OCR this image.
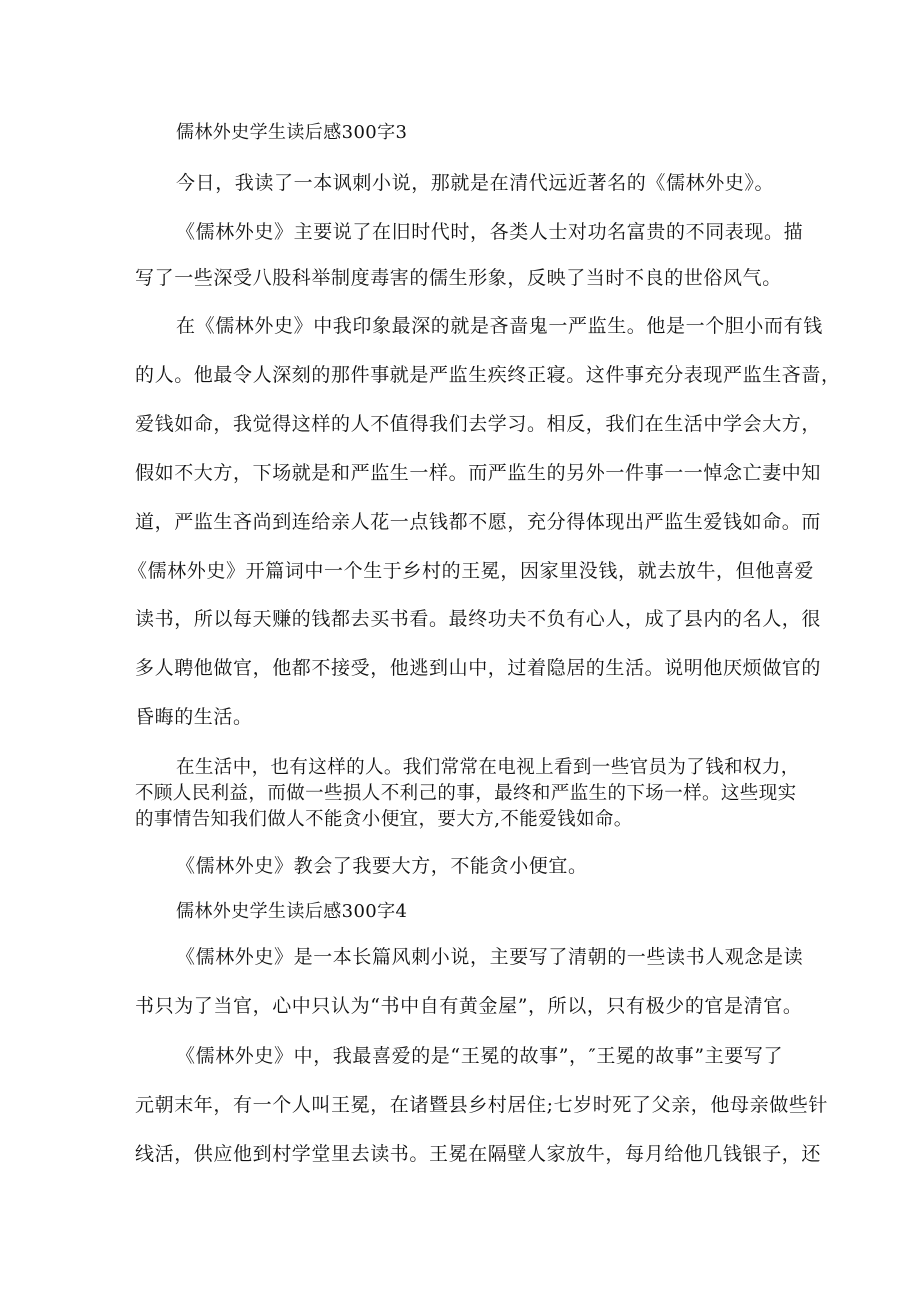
儒林外史学生读后感300字3
今日，我读了一本讽刺小说，那就是在清代远近著名的《儒林外史》。
《儒林外史》主要说了在旧时代时，各类人士对功名富贵的不同表现。描
写了一些深受八股科举制度毒害的儒生形象，反映了当时不良的世俗风气。
在《儒林外史》中我印象最深的就是吝啬鬼一严监生。他是一个胆小而有钱
的人。他最令人深刻的那件事就是严监生疾终正寝。这件事充分表现严监生吝啬，
爱钱如命，我觉得这样的人不值得我们去学习。相反，我们在生活中学会大方，
假如不大方，下场就是和严监生一样。而严监生的另外一件事一一悼念亡妻中知
道，严监生吝尚到连给亲人花一点钱都不愿，充分得体现出严监生爱钱如命。而
《儒林外史》开篇词中一个生于乡村的王冕，因家里没钱，就去放牛，但他喜爱
读书，所以每天赚的钱都去买书看。最终功夫不负有心人，成了县内的名人，很
多人聘他做官，他都不接受，他逃到山中，过着隐居的生活。说明他厌烦做官的
昏晦的生活。
在生活中，也有这样的人。我们常常在电视上看到一些官员为了钱和权力，
不顾人民利益，而做一些损人不利己的事，最终和严监生的下场一样。这些现实
的事情告知我们做人不能贪小便宜，要大方,不能爱钱如命。
《儒林外史》教会了我要大方，不能贪小便宜。
儒林外史学生读后感300字4
《儒林外史》是一本长篇风刺小说，主要写了清朝的一些读书人观念是读
书只为了当官，心中只认为“书中自有黄金屋”，所以，只有极少的官是清官。
《儒林外史》中，我最喜爱的是“王冕的故事”，″王冕的故事”主要写了
元朝末年，有一个人叫王冕，在诸暨县乡村居住;七岁时死了父亲，他母亲做些针
线活，供应他到村学堂里去读书。王冕在隔壁人家放牛，每月给他几钱银子，还
